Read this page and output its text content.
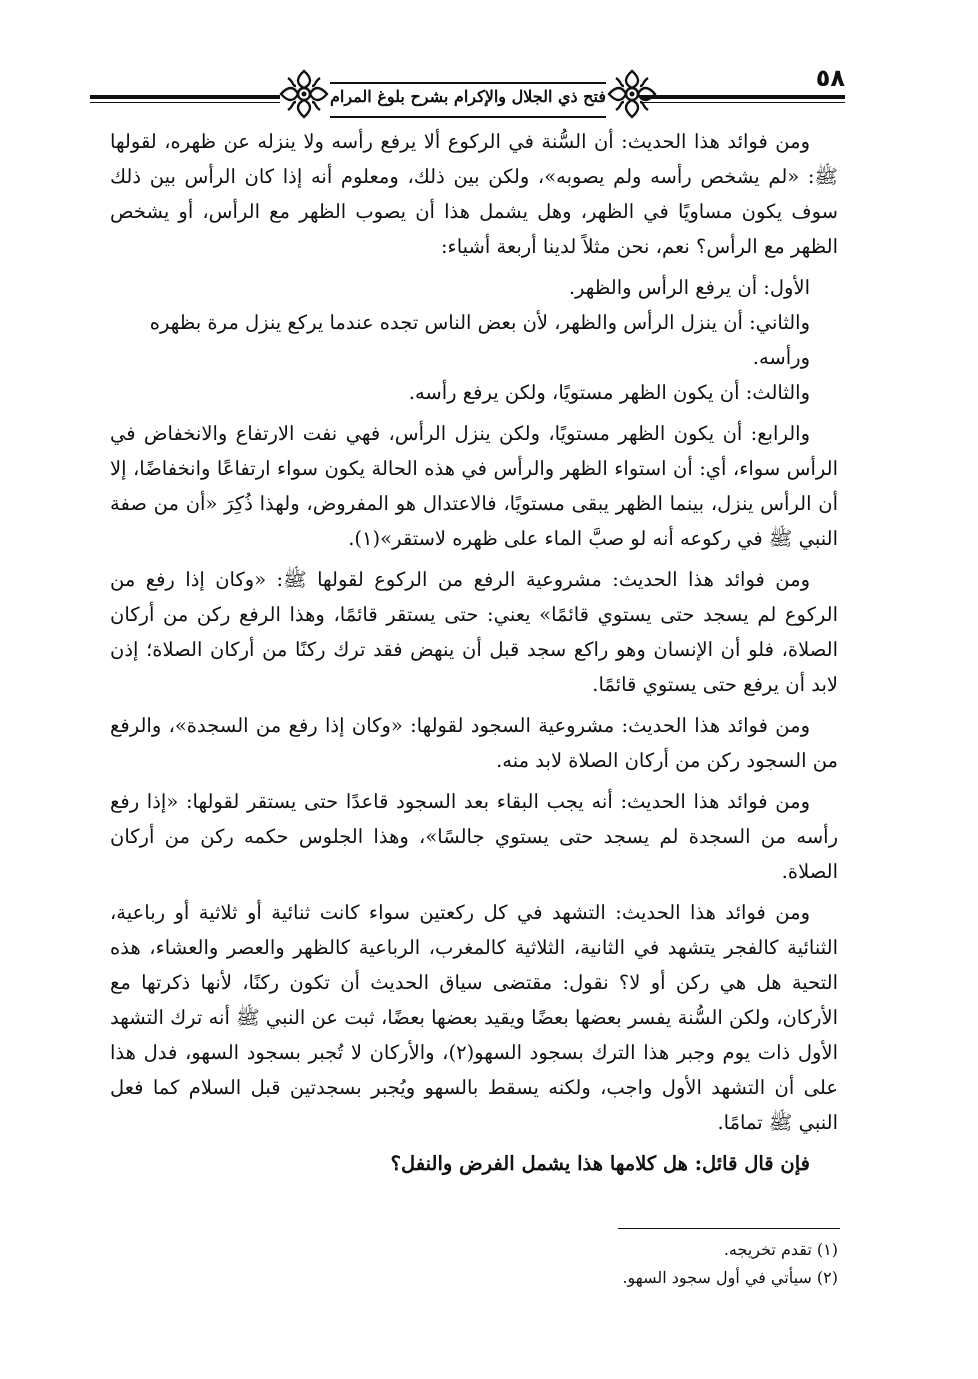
فتح ذي الجلال والإكرام بشرح بلوغ المرام
٥٨

ومن فوائد هذا الحديث: أن السُّنة في الركوع ألا يرفع رأسه ولا ينزله عن ظهره، لقولها ﷺ: «لم يشخص رأسه ولم يصوبه»، ولكن بين ذلك، ومعلوم أنه إذا كان الرأس بين ذلك سوف يكون مساويًا في الظهر، وهل يشمل هذا أن يصوب الظهر مع الرأس، أو يشخص الظهر مع الرأس؟ نعم، نحن مثلاً لدينا أربعة أشياء:

الأول: أن يرفع الرأس والظهر.

والثاني: أن ينزل الرأس والظهر، لأن بعض الناس تجده عندما يركع ينزل مرة بظهره ورأسه.

والثالث: أن يكون الظهر مستويًا، ولكن يرفع رأسه.

والرابع: أن يكون الظهر مستويًا، ولكن ينزل الرأس، فهي نفت الارتفاع والانخفاض في الرأس سواء، أي: أن استواء الظهر والرأس في هذه الحالة يكون سواء ارتفاعًا وانخفاضًا، إلا أن الرأس ينزل، بينما الظهر يبقى مستويًا، فالاعتدال هو المفروض، ولهذا ذُكِرَ «أن من صفة النبي ﷺ في ركوعه أنه لو صبَّ الماء على ظهره لاستقر»(١).

ومن فوائد هذا الحديث: مشروعية الرفع من الركوع لقولها ﷺ: «وكان إذا رفع من الركوع لم يسجد حتى يستوي قائمًا» يعني: حتى يستقر قائمًا، وهذا الرفع ركن من أركان الصلاة، فلو أن الإنسان وهو راكع سجد قبل أن ينهض فقد ترك ركنًا من أركان الصلاة؛ إذن لابد أن يرفع حتى يستوي قائمًا.

ومن فوائد هذا الحديث: مشروعية السجود لقولها: «وكان إذا رفع من السجدة»، والرفع من السجود ركن من أركان الصلاة لابد منه.

ومن فوائد هذا الحديث: أنه يجب البقاء بعد السجود قاعدًا حتى يستقر لقولها: «إذا رفع رأسه من السجدة لم يسجد حتى يستوي جالسًا»، وهذا الجلوس حكمه ركن من أركان الصلاة.

ومن فوائد هذا الحديث: التشهد في كل ركعتين سواء كانت ثنائية أو ثلاثية أو رباعية، الثنائية كالفجر يتشهد في الثانية، الثلاثية كالمغرب، الرباعية كالظهر والعصر والعشاء، هذه التحية هل هي ركن أو لا؟ نقول: مقتضى سياق الحديث أن تكون ركنًا، لأنها ذكرتها مع الأركان، ولكن السُّنة يفسر بعضها بعضًا ويقيد بعضها بعضًا، ثبت عن النبي ﷺ أنه ترك التشهد الأول ذات يوم وجبر هذا الترك بسجود السهو(٢)، والأركان لا تُجبر بسجود السهو، فدل هذا على أن التشهد الأول واجب، ولكنه يسقط بالسهو ويُجبر بسجدتين قبل السلام كما فعل النبي ﷺ تمامًا.

فإن قال قائل: هل كلامها هذا يشمل الفرض والنفل؟

(١) تقدم تخريجه.

(٢) سيأتي في أول سجود السهو.
